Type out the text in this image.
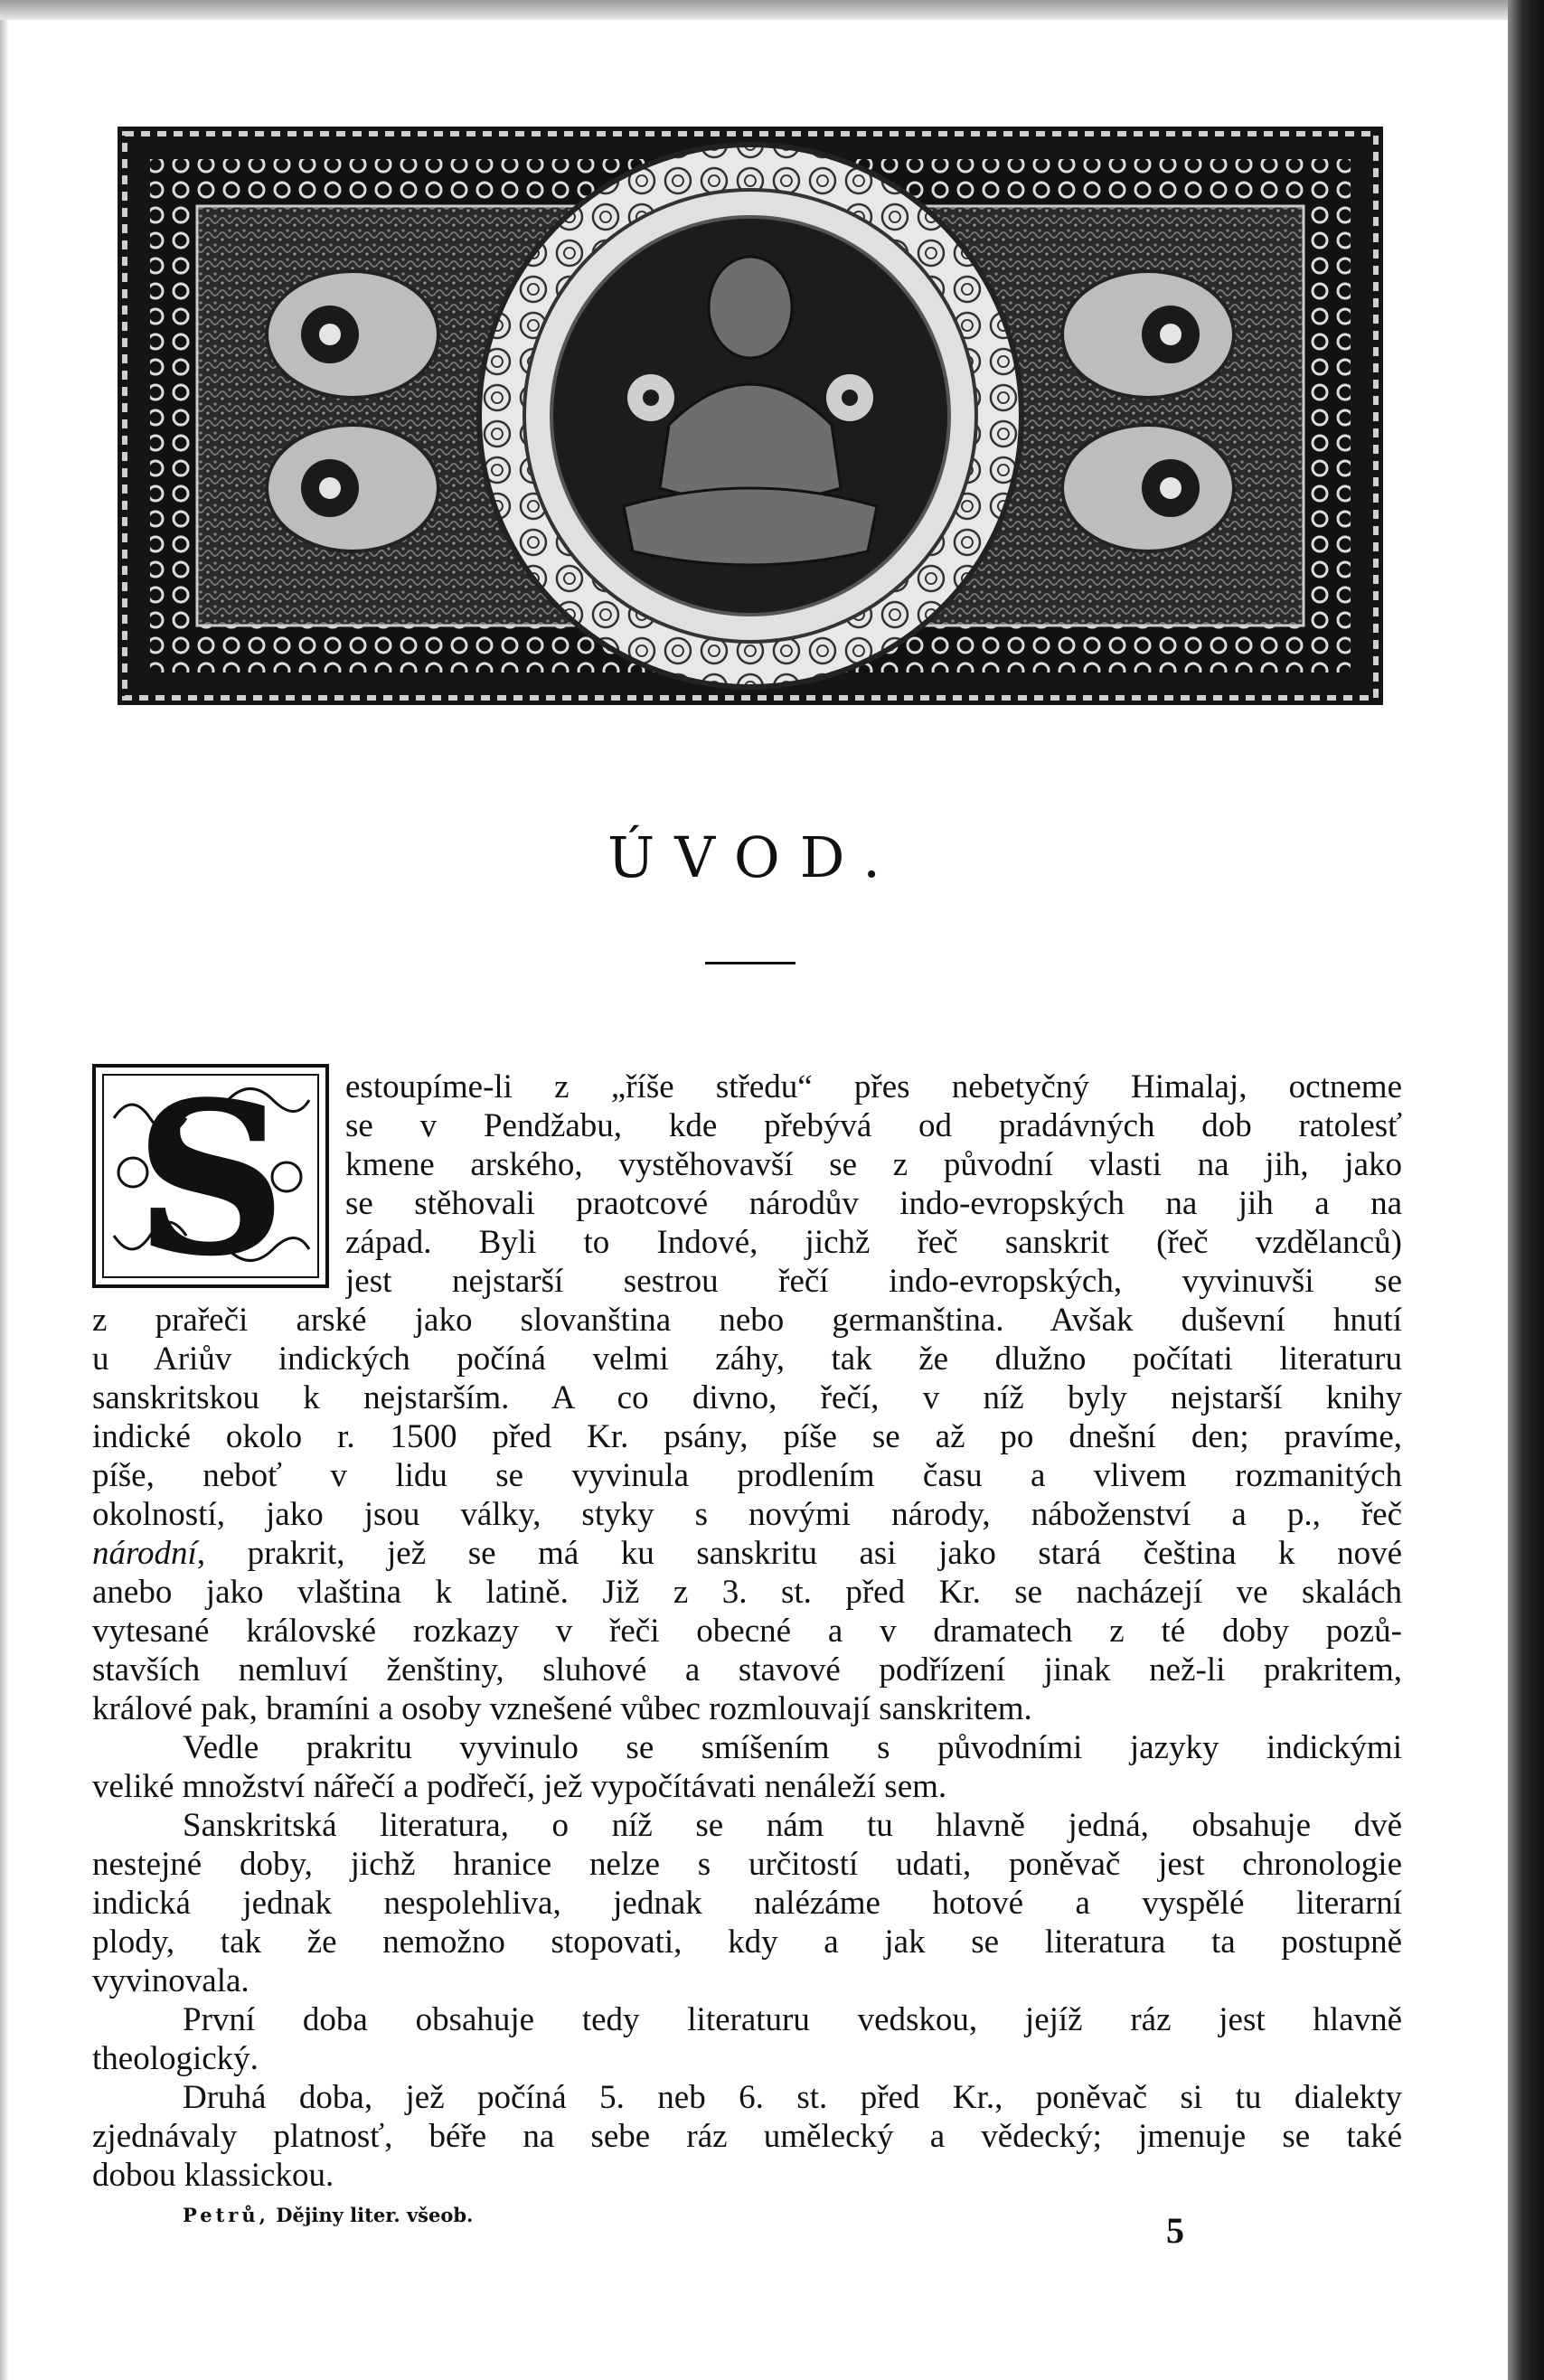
ÚVOD.
S estoupíme-li z „říše středu“ přes nebetyčný Himalaj, octneme
se v Pendžabu, kde přebývá od pradávných dob ratolesť
kmene arského, vystěhovavší se z původní vlasti na jih, jako
se stěhovali praotcové národův indo-evropských na jih a na
západ. Byli to Indové, jichž řeč sanskrit (řeč vzdělanců)
jest nejstarší sestrou řečí indo-evropských, vyvinuvši se
z prařeči arské jako slovanština nebo germanština. Avšak duševní hnutí
u Ariův indických počíná velmi záhy, tak že dlužno počítati literaturu
sanskritskou k nejstarším. A co divno, řečí, v níž byly nejstarší knihy
indické okolo r. 1500 před Kr. psány, píše se až po dnešní den; pravíme,
píše, neboť v lidu se vyvinula prodlením času a vlivem rozmanitých
okolností, jako jsou války, styky s novými národy, náboženství a p., řeč
národní, prakrit, jež se má ku sanskritu asi jako stará čeština k nové
anebo jako vlaština k latině. Již z 3. st. před Kr. se nacházejí ve skalách
vytesané královské rozkazy v řeči obecné a v dramatech z té doby pozů-
stavších nemluví ženštiny, sluhové a stavové podřízení jinak než-li prakritem,
králové pak, bramíni a osoby vznešené vůbec rozmlouvají sanskritem.
Vedle prakritu vyvinulo se smíšením s původními jazyky indickými
veliké množství nářečí a podřečí, jež vypočítávati nenáleží sem.
Sanskritská literatura, o níž se nám tu hlavně jedná, obsahuje dvě
nestejné doby, jichž hranice nelze s určitostí udati, poněvač jest chronologie
indická jednak nespolehliva, jednak nalézáme hotové a vyspělé literarní
plody, tak že nemožno stopovati, kdy a jak se literatura ta postupně
vyvinovala.
První doba obsahuje tedy literaturu vedskou, jejíž ráz jest hlavně
theologický.
Druhá doba, jež počíná 5. neb 6. st. před Kr., poněvač si tu dialekty
zjednávaly platnosť, béře na sebe ráz umělecký a vědecký; jmenuje se také
dobou klassickou.
Petrů, Dějiny liter. všeob.	5
